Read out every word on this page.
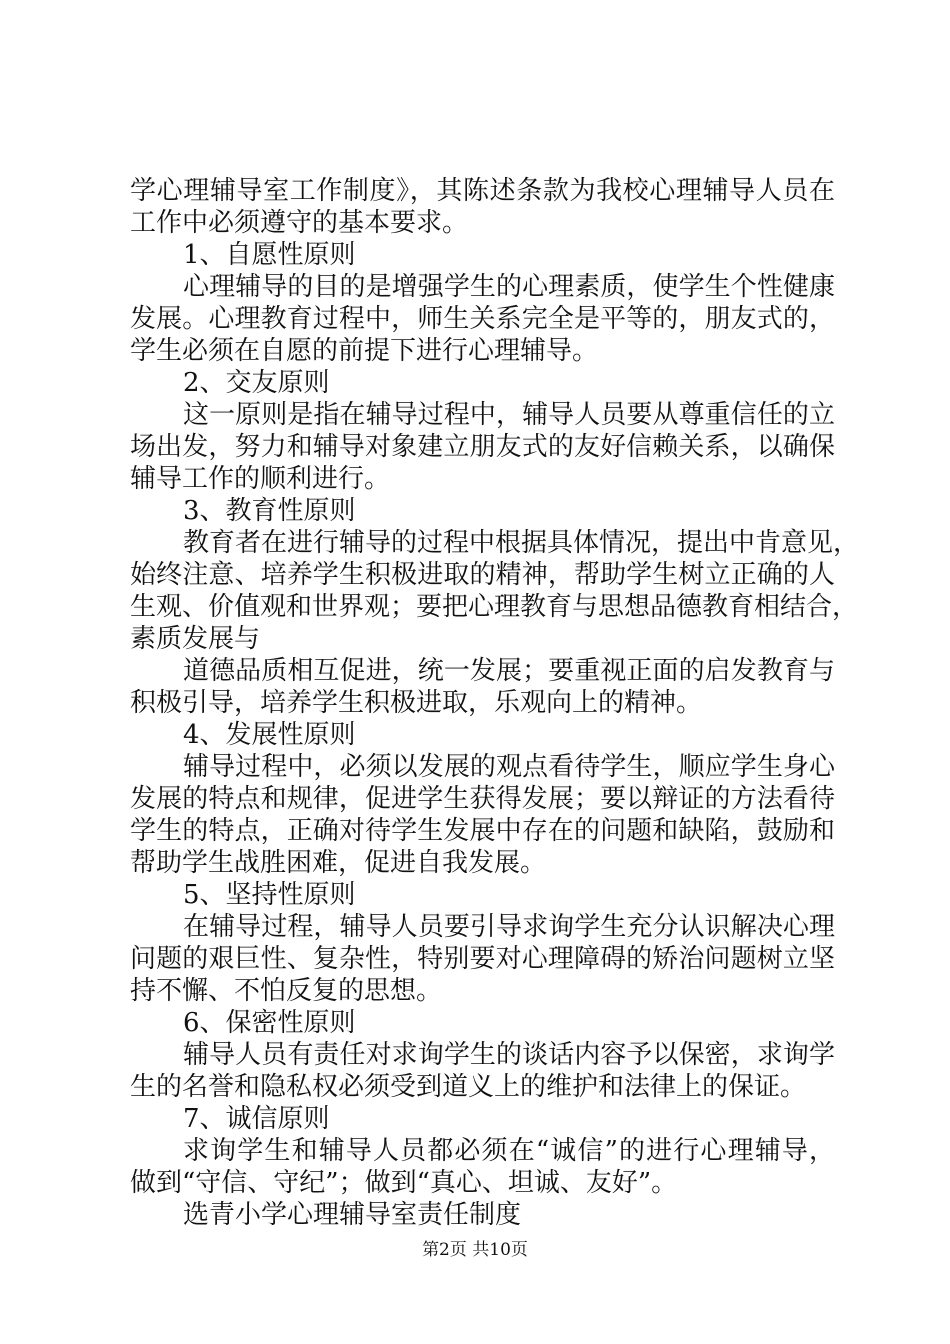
学心理辅导室工作制度》，其陈述条款为我校心理辅导人员在
工作中必须遵守的基本要求。
1、自愿性原则
心理辅导的目的是增强学生的心理素质，使学生个性健康
发展。心理教育过程中，师生关系完全是平等的，朋友式的，
学生必须在自愿的前提下进行心理辅导。
2、交友原则
这一原则是指在辅导过程中，辅导人员要从尊重信任的立
场出发，努力和辅导对象建立朋友式的友好信赖关系，以确保
辅导工作的顺利进行。
3、教育性原则
教育者在进行辅导的过程中根据具体情况，提出中肯意见，
始终注意、培养学生积极进取的精神，帮助学生树立正确的人
生观、价值观和世界观；要把心理教育与思想品德教育相结合，
素质发展与
道德品质相互促进，统一发展；要重视正面的启发教育与
积极引导，培养学生积极进取，乐观向上的精神。
4、发展性原则
辅导过程中，必须以发展的观点看待学生，顺应学生身心
发展的特点和规律，促进学生获得发展；要以辩证的方法看待
学生的特点，正确对待学生发展中存在的问题和缺陷，鼓励和
帮助学生战胜困难，促进自我发展。
5、坚持性原则
在辅导过程，辅导人员要引导求询学生充分认识解决心理
问题的艰巨性、复杂性，特别要对心理障碍的矫治问题树立坚
持不懈、不怕反复的思想。
6、保密性原则
辅导人员有责任对求询学生的谈话内容予以保密，求询学
生的名誉和隐私权必须受到道义上的维护和法律上的保证。
7、诚信原则
求询学生和辅导人员都必须在“诚信”的进行心理辅导，
做到“守信、守纪”；做到“真心、坦诚、友好”。
选青小学心理辅导室责任制度
第2页 共10页
